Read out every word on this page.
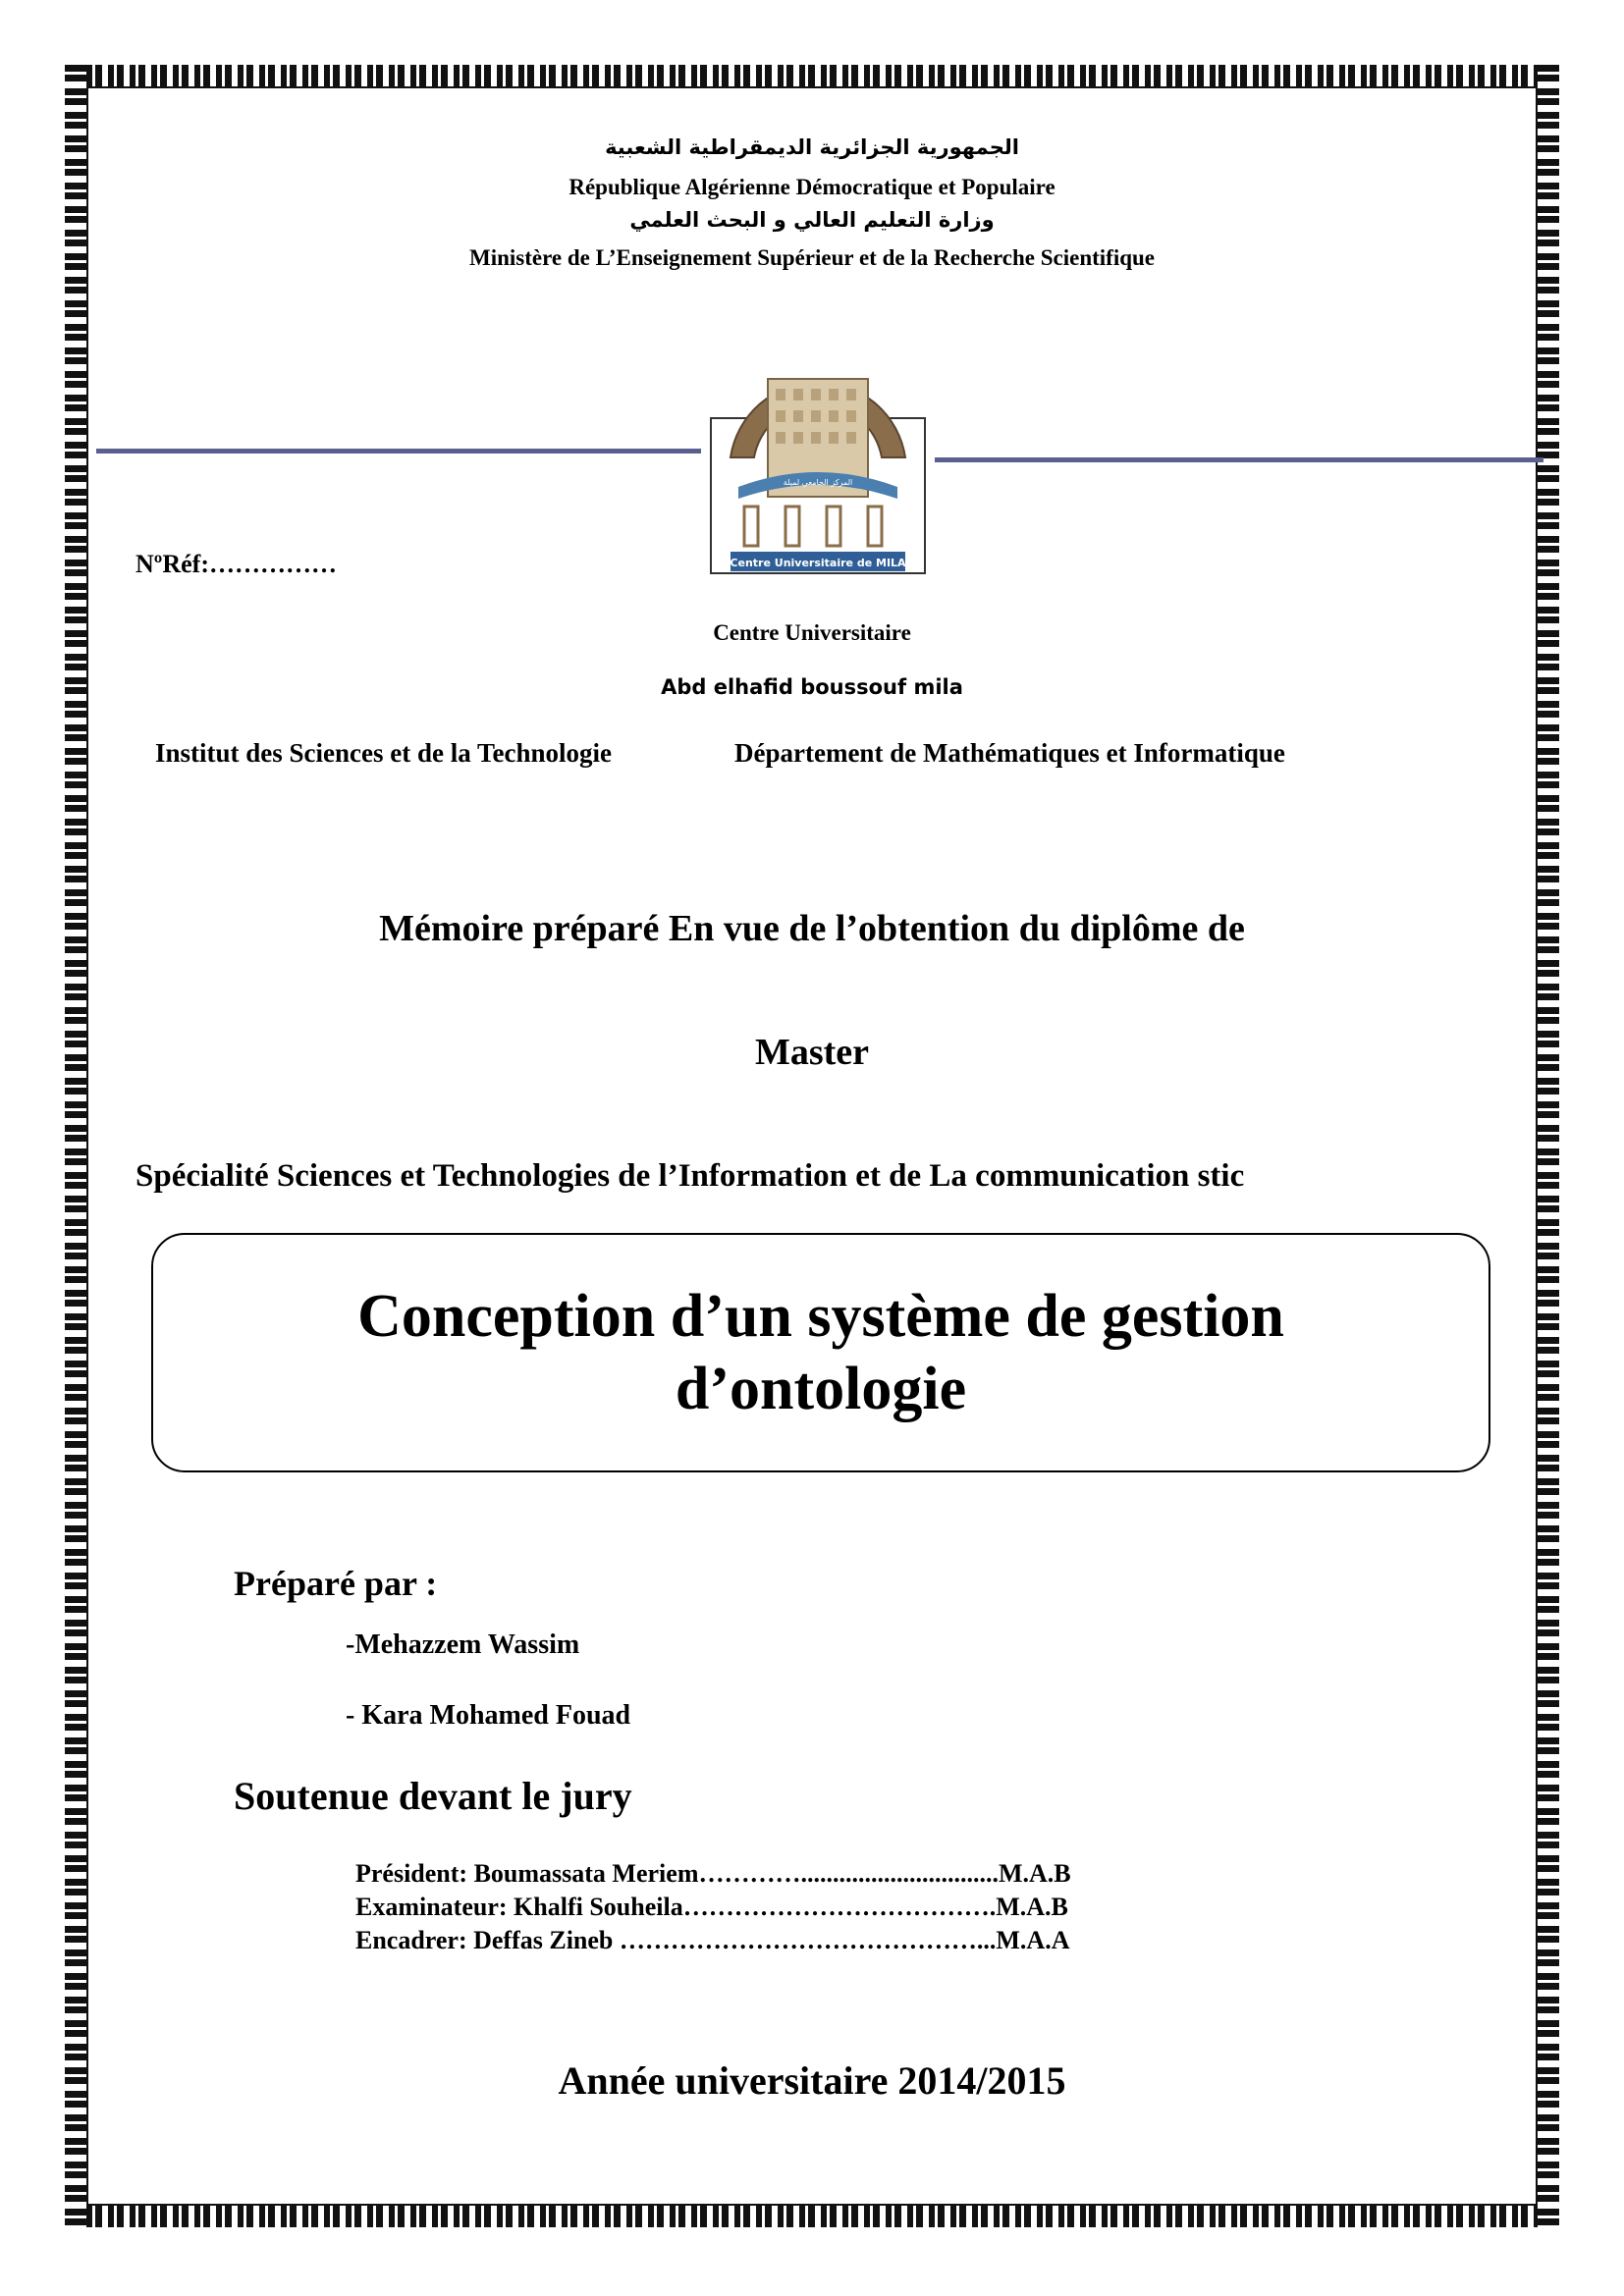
الجمهورية الجزائرية الديمقراطية الشعبية
République Algérienne Démocratique et Populaire
وزارة التعليم العالي و البحث العلمي
Ministère de L’Enseignement Supérieur et de la Recherche Scientifique
المركز الجامعي لميلة
Centre Universitaire de MILA
NºRéf:……………
Centre Universitaire
Abd elhafid boussouf mila
Institut des Sciences et de la Technologie	Département de Mathématiques et Informatique
Mémoire préparé En vue de l’obtention du diplôme de
Master
Spécialité Sciences et Technologies de l’Information et de La communication stic
Conception d’un système de gestion
d’ontologie
Préparé par :
-Mehazzem Wassim
- Kara Mohamed Fouad
Soutenue devant le jury
Président: Boumassata Meriem…………...............................M.A.B
Examinateur: Khalfi Souheila……………………………….M.A.B
Encadrer: Deffas Zineb ……………………………………...M.A.A
Année universitaire 2014/2015
